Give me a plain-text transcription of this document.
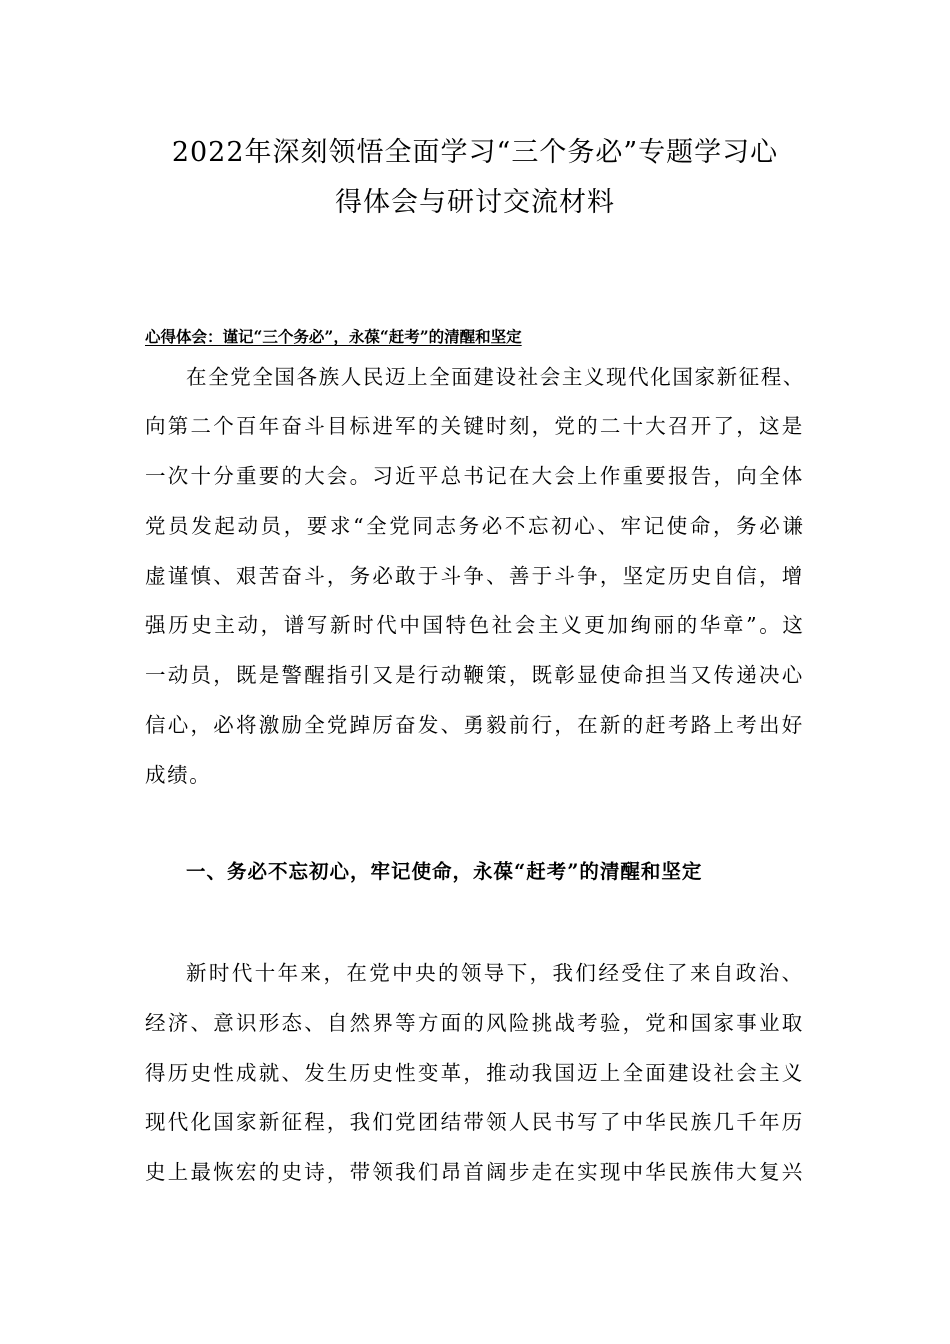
2022年深刻领悟全面学习“三个务必”专题学习心
得体会与研讨交流材料
心得体会：谨记“三个务必”，永葆“赶考”的清醒和坚定
在全党全国各族人民迈上全面建设社会主义现代化国家新征程、
向第二个百年奋斗目标进军的关键时刻，党的二十大召开了，这是
一次十分重要的大会。习近平总书记在大会上作重要报告，向全体
党员发起动员，要求“全党同志务必不忘初心、牢记使命，务必谦
虚谨慎、艰苦奋斗，务必敢于斗争、善于斗争，坚定历史自信，增
强历史主动，谱写新时代中国特色社会主义更加绚丽的华章”。这
一动员，既是警醒指引又是行动鞭策，既彰显使命担当又传递决心
信心，必将激励全党踔厉奋发、勇毅前行，在新的赶考路上考出好
成绩。
一、务必不忘初心，牢记使命，永葆“赶考”的清醒和坚定
新时代十年来，在党中央的领导下，我们经受住了来自政治、
经济、意识形态、自然界等方面的风险挑战考验，党和国家事业取
得历史性成就、发生历史性变革，推动我国迈上全面建设社会主义
现代化国家新征程，我们党团结带领人民书写了中华民族几千年历
史上最恢宏的史诗，带领我们昂首阔步走在实现中华民族伟大复兴
